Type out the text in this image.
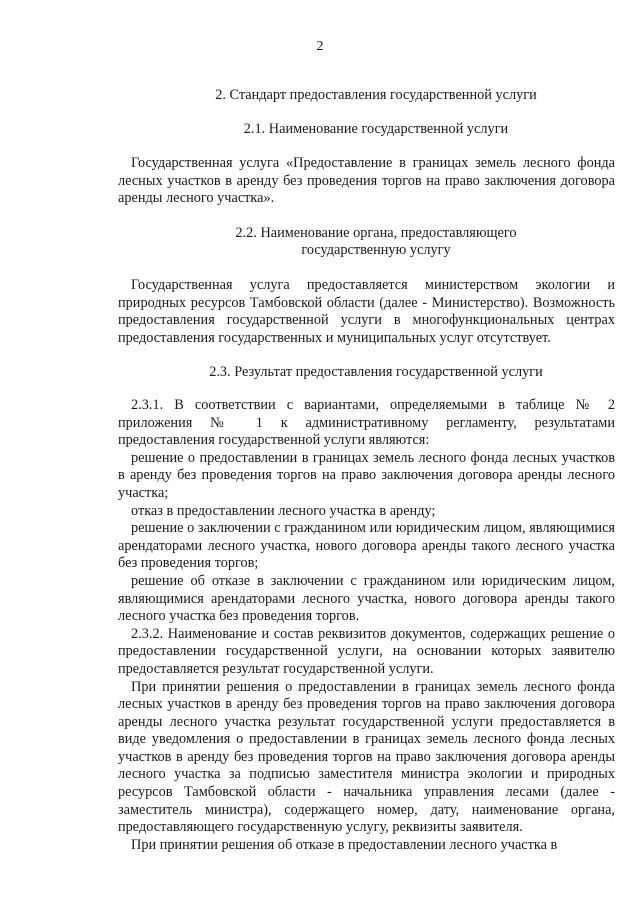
2
2. Стандарт предоставления государственной услуги
2.1. Наименование государственной услуги

Государственная услуга «Предоставление в границах земель лесного фонда лесных участков в аренду без проведения торгов на право заключения договора аренды лесного участка».

2.2. Наименование органа, предоставляющего
государственную услугу

Государственная услуга предоставляется министерством экологии и природных ресурсов Тамбовской области (далее - Министерство). Возможность предоставления государственной услуги в многофункциональных центрах предоставления государственных и муниципальных услуг отсутствует.

2.3. Результат предоставления государственной услуги

2.3.1. В соответствии с вариантами, определяемыми в таблице № 2 приложения № 1 к административному регламенту, результатами предоставления государственной услуги являются:

решение о предоставлении в границах земель лесного фонда лесных участков в аренду без проведения торгов на право заключения договора аренды лесного участка;

отказ в предоставлении лесного участка в аренду;

решение о заключении с гражданином или юридическим лицом, являющимися арендаторами лесного участка, нового договора аренды такого лесного участка без проведения торгов;

решение об отказе в заключении с гражданином или юридическим лицом, являющимися арендаторами лесного участка, нового договора аренды такого лесного участка без проведения торгов.

2.3.2. Наименование и состав реквизитов документов, содержащих решение о предоставлении государственной услуги, на основании которых заявителю предоставляется результат государственной услуги.

При принятии решения о предоставлении в границах земель лесного фонда лесных участков в аренду без проведения торгов на право заключения договора аренды лесного участка результат государственной услуги предоставляется в виде уведомления о предоставлении в границах земель лесного фонда лесных участков в аренду без проведения торгов на право заключения договора аренды лесного участка за подписью заместителя министра экологии и природных ресурсов Тамбовской области - начальника управления лесами (далее - заместитель министра), содержащего номер, дату, наименование органа, предоставляющего государственную услугу, реквизиты заявителя.

При принятии решения об отказе в предоставлении лесного участка в
